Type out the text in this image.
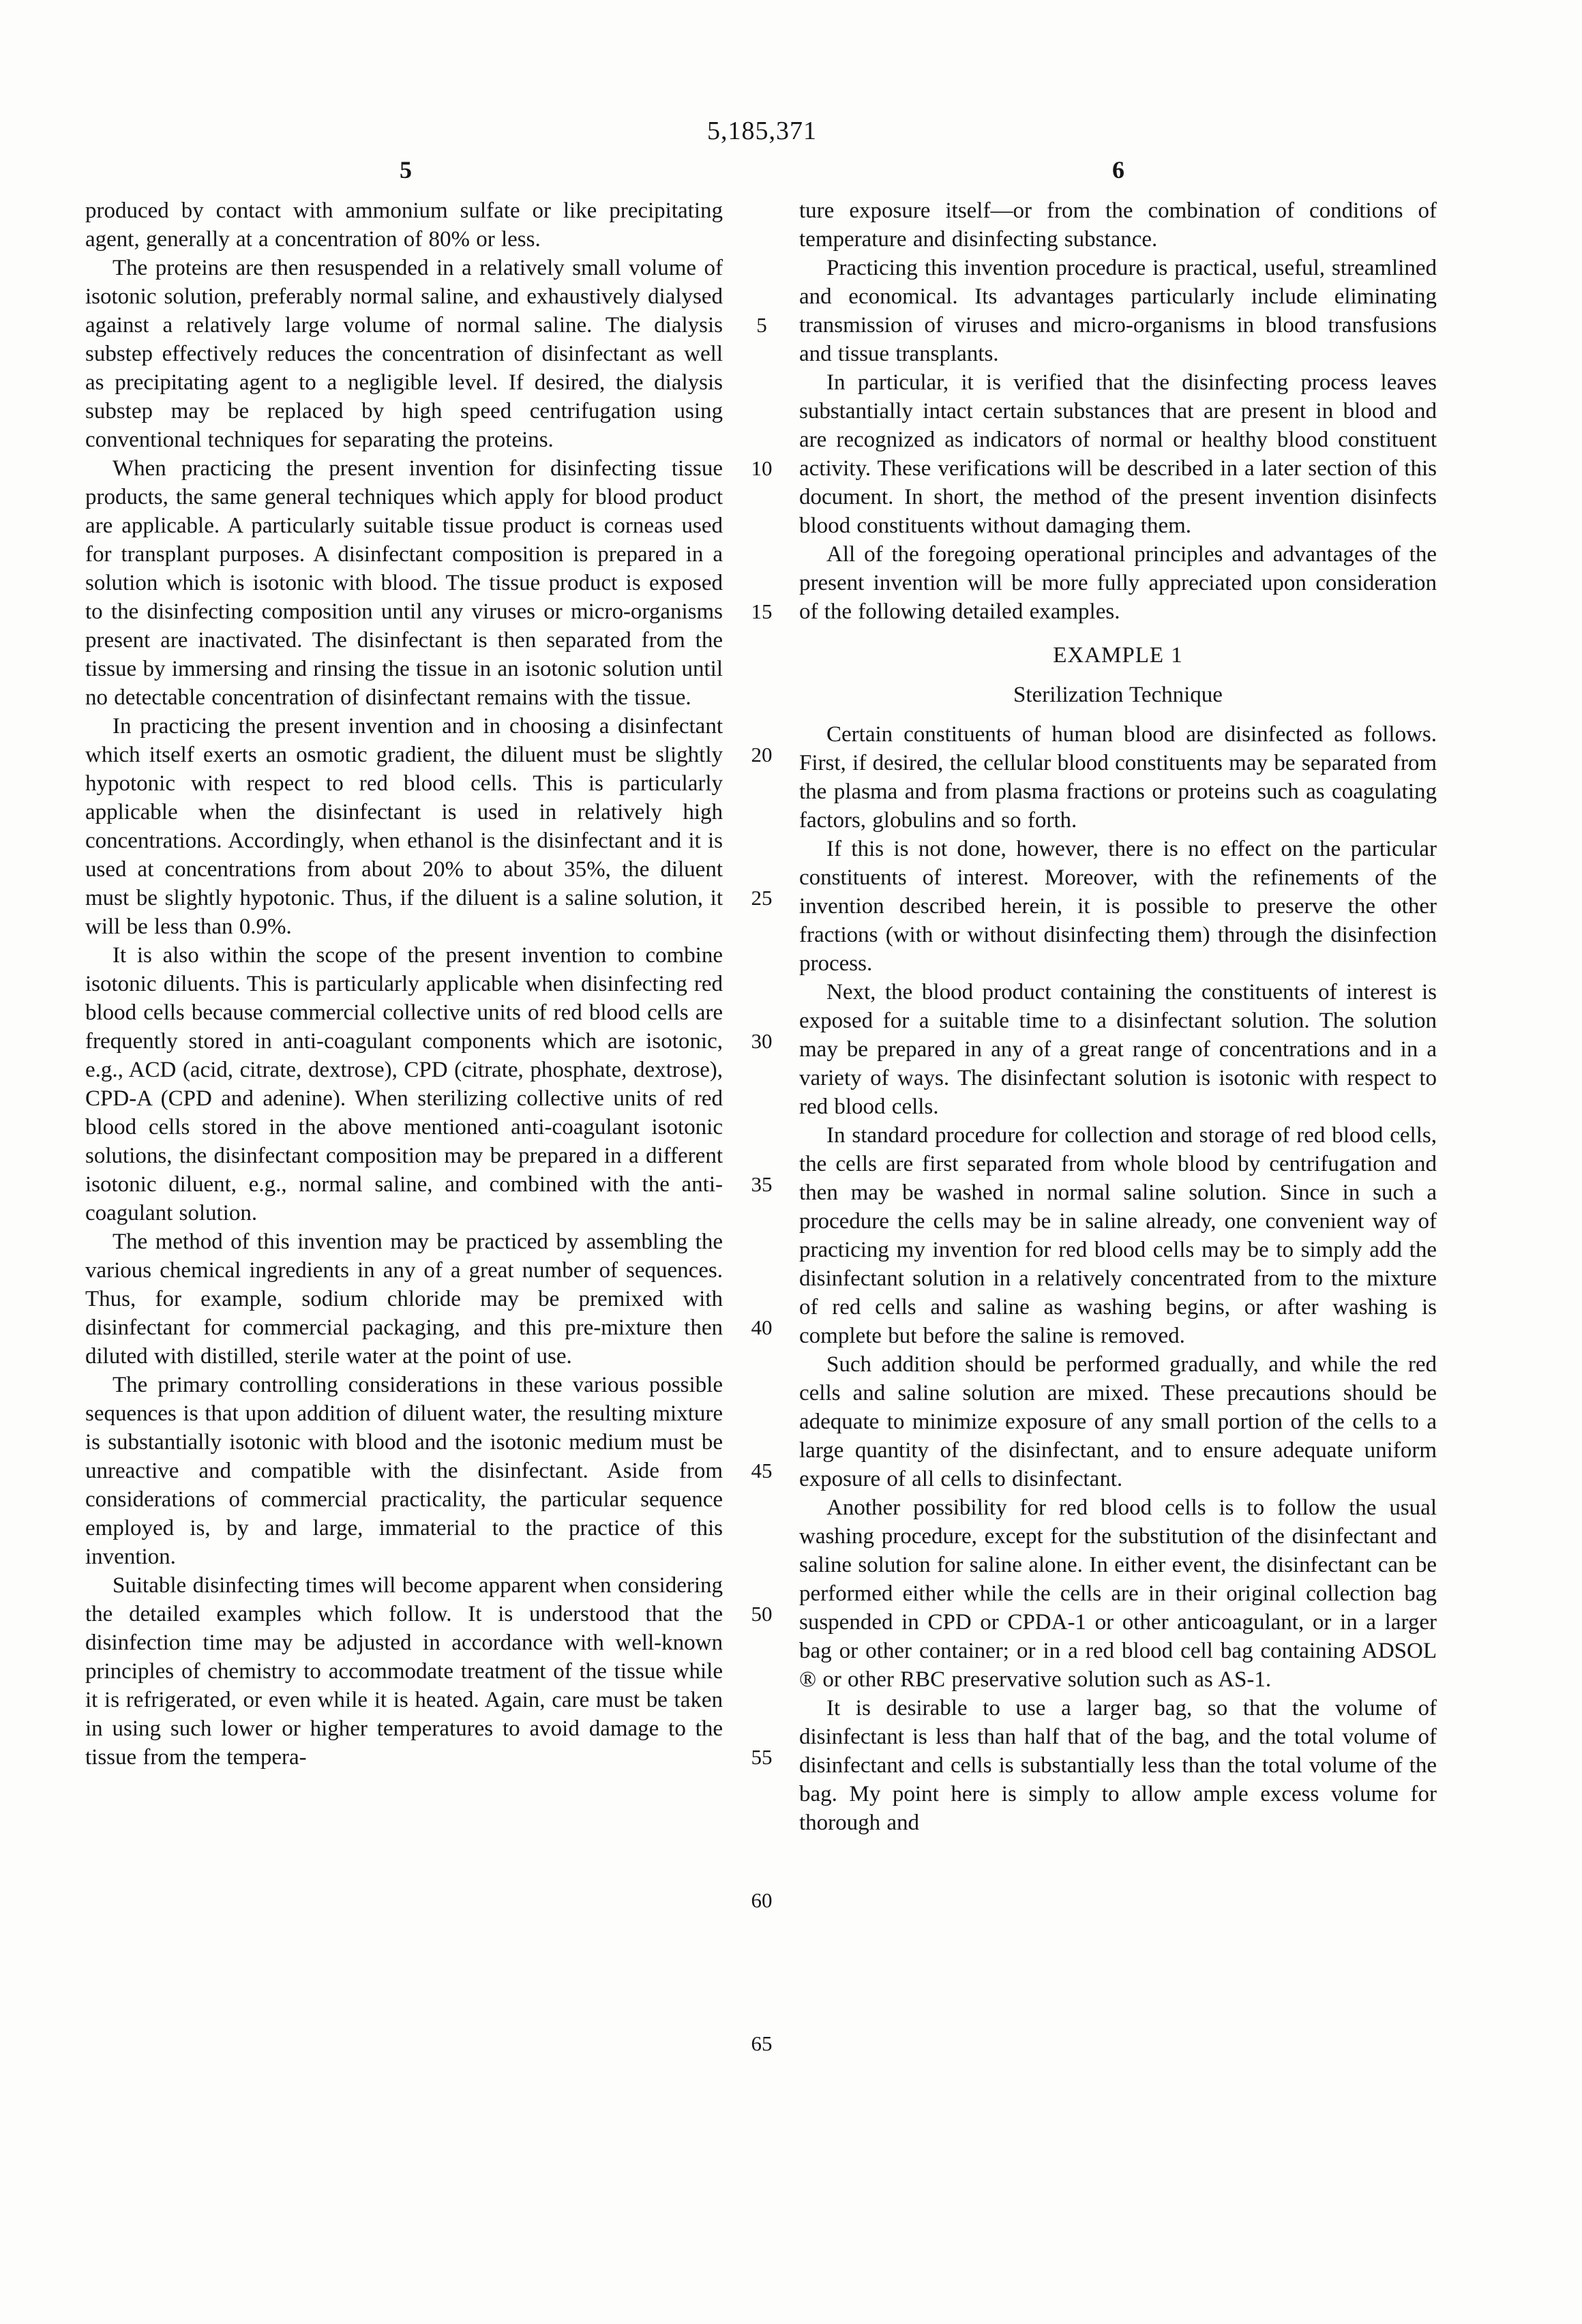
5,185,371
5	6

produced by contact with ammonium sulfate or like precipitating agent, generally at a concentration of 80% or less.

The proteins are then resuspended in a relatively small volume of isotonic solution, preferably normal saline, and exhaustively dialysed against a relatively large volume of normal saline. The dialysis substep effectively reduces the concentration of disinfectant as well as precipitating agent to a negligible level. If desired, the dialysis substep may be replaced by high speed centrifugation using conventional techniques for separating the proteins.

When practicing the present invention for disinfecting tissue products, the same general techniques which apply for blood product are applicable. A particularly suitable tissue product is corneas used for transplant purposes. A disinfectant composition is prepared in a solution which is isotonic with blood. The tissue product is exposed to the disinfecting composition until any viruses or micro-organisms present are inactivated. The disinfectant is then separated from the tissue by immersing and rinsing the tissue in an isotonic solution until no detectable concentration of disinfectant remains with the tissue.

In practicing the present invention and in choosing a disinfectant which itself exerts an osmotic gradient, the diluent must be slightly hypotonic with respect to red blood cells. This is particularly applicable when the disinfectant is used in relatively high concentrations. Accordingly, when ethanol is the disinfectant and it is used at concentrations from about 20% to about 35%, the diluent must be slightly hypotonic. Thus, if the diluent is a saline solution, it will be less than 0.9%.

It is also within the scope of the present invention to combine isotonic diluents. This is particularly applicable when disinfecting red blood cells because commercial collective units of red blood cells are frequently stored in anti-coagulant components which are isotonic, e.g., ACD (acid, citrate, dextrose), CPD (citrate, phosphate, dextrose), CPD-A (CPD and adenine). When sterilizing collective units of red blood cells stored in the above mentioned anti-coagulant isotonic solutions, the disinfectant composition may be prepared in a different isotonic diluent, e.g., normal saline, and combined with the anti-coagulant solution.

The method of this invention may be practiced by assembling the various chemical ingredients in any of a great number of sequences. Thus, for example, sodium chloride may be premixed with disinfectant for commercial packaging, and this pre-mixture then diluted with distilled, sterile water at the point of use.

The primary controlling considerations in these various possible sequences is that upon addition of diluent water, the resulting mixture is substantially isotonic with blood and the isotonic medium must be unreactive and compatible with the disinfectant. Aside from considerations of commercial practicality, the particular sequence employed is, by and large, immaterial to the practice of this invention.

Suitable disinfecting times will become apparent when considering the detailed examples which follow. It is understood that the disinfection time may be adjusted in accordance with well-known principles of chemistry to accommodate treatment of the tissue while it is refrigerated, or even while it is heated. Again, care must be taken in using such lower or higher temperatures to avoid damage to the tissue from the tempera-

5
10
15
20
25
30
35
40
45
50
55
60
65

ture exposure itself—or from the combination of conditions of temperature and disinfecting substance.

Practicing this invention procedure is practical, useful, streamlined and economical. Its advantages particularly include eliminating transmission of viruses and micro-organisms in blood transfusions and tissue transplants.

In particular, it is verified that the disinfecting process leaves substantially intact certain substances that are present in blood and are recognized as indicators of normal or healthy blood constituent activity. These verifications will be described in a later section of this document. In short, the method of the present invention disinfects blood constituents without damaging them.

All of the foregoing operational principles and advantages of the present invention will be more fully appreciated upon consideration of the following detailed examples.

EXAMPLE 1

Sterilization Technique

Certain constituents of human blood are disinfected as follows. First, if desired, the cellular blood constituents may be separated from the plasma and from plasma fractions or proteins such as coagulating factors, globulins and so forth.

If this is not done, however, there is no effect on the particular constituents of interest. Moreover, with the refinements of the invention described herein, it is possible to preserve the other fractions (with or without disinfecting them) through the disinfection process.

Next, the blood product containing the constituents of interest is exposed for a suitable time to a disinfectant solution. The solution may be prepared in any of a great range of concentrations and in a variety of ways. The disinfectant solution is isotonic with respect to red blood cells.

In standard procedure for collection and storage of red blood cells, the cells are first separated from whole blood by centrifugation and then may be washed in normal saline solution. Since in such a procedure the cells may be in saline already, one convenient way of practicing my invention for red blood cells may be to simply add the disinfectant solution in a relatively concentrated from to the mixture of red cells and saline as washing begins, or after washing is complete but before the saline is removed.

Such addition should be performed gradually, and while the red cells and saline solution are mixed. These precautions should be adequate to minimize exposure of any small portion of the cells to a large quantity of the disinfectant, and to ensure adequate uniform exposure of all cells to disinfectant.

Another possibility for red blood cells is to follow the usual washing procedure, except for the substitution of the disinfectant and saline solution for saline alone. In either event, the disinfectant can be performed either while the cells are in their original collection bag suspended in CPD or CPDA-1 or other anticoagulant, or in a larger bag or other container; or in a red blood cell bag containing ADSOL ® or other RBC preservative solution such as AS-1.

It is desirable to use a larger bag, so that the volume of disinfectant is less than half that of the bag, and the total volume of disinfectant and cells is substantially less than the total volume of the bag. My point here is simply to allow ample excess volume for thorough and
